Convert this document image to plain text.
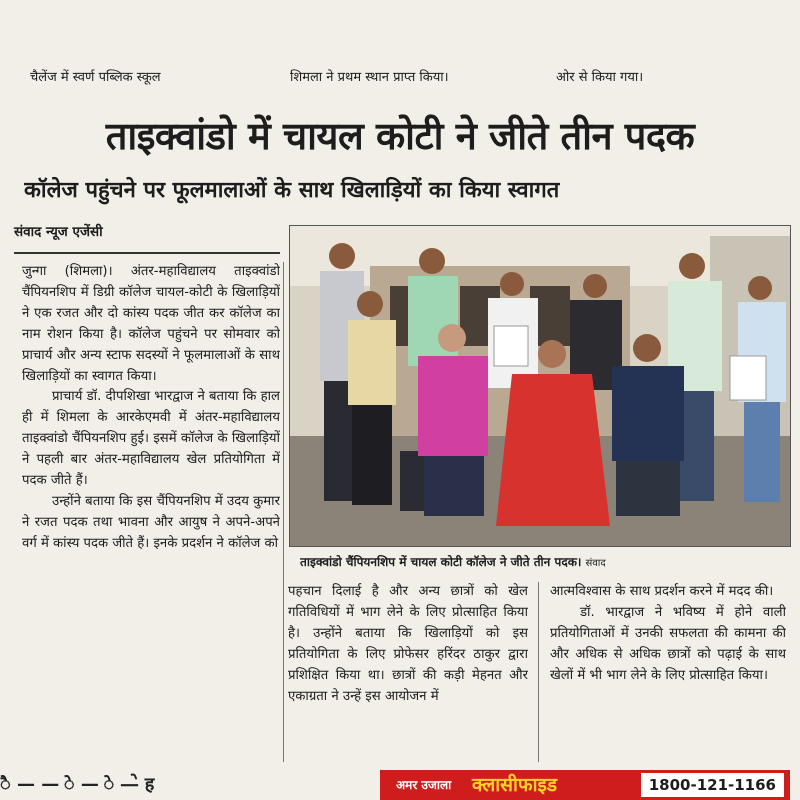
चैलेंज में स्वर्ण पब्लिक स्कूल	शिमला ने प्रथम स्थान प्राप्त किया।	ओर से किया गया।
ताइक्वांडो में चायल कोटी ने जीते तीन पदक
कॉलेज पहुंचने पर फूलमालाओं के साथ खिलाड़ियों का किया स्वागत
संवाद न्यूज एजेंसी

जुन्गा (शिमला)। अंतर-महाविद्यालय ताइक्वांडो चैंपियनशिप में डिग्री कॉलेज चायल-कोटी के खिलाड़ियों ने एक रजत और दो कांस्य पदक जीत कर कॉलेज का नाम रोशन किया है। कॉलेज पहुंचने पर सोमवार को प्राचार्य और अन्य स्टाफ सदस्यों ने फूलमालाओं के साथ खिलाड़ियों का स्वागत किया।

प्राचार्य डॉ. दीपशिखा भारद्वाज ने बताया कि हाल ही में शिमला के आरकेएमवी में अंतर-महाविद्यालय ताइक्वांडो चैंपियनशिप हुई। इसमें कॉलेज के खिलाड़ियों ने पहली बार अंतर-महाविद्यालय खेल प्रतियोगिता में पदक जीते हैं।

उन्होंने बताया कि इस चैंपियनशिप में उदय कुमार ने रजत पदक तथा भावना और आयुष ने अपने-अपने वर्ग में कांस्य पदक जीते हैं। इनके प्रदर्शन ने कॉलेज को

ताइक्वांडो चैंपियनशिप में चायल कोटी कॉलेज ने जीते तीन पदक। संवाद

पहचान दिलाई है और अन्य छात्रों को खेल गतिविधियों में भाग लेने के लिए प्रोत्साहित किया है। उन्होंने बताया कि खिलाड़ियों को इस प्रतियोगिता के लिए प्रोफेसर हरिंदर ठाकुर द्वारा प्रशिक्षित किया था। छात्रों की कड़ी मेहनत और एकाग्रता ने उन्हें इस आयोजन में

आत्मविश्वास के साथ प्रदर्शन करने में मदद की।

डॉ. भारद्वाज ने भविष्य में होने वाली प्रतियोगिताओं में उनकी सफलता की कामना की और अधिक से अधिक छात्रों को पढ़ाई के साथ खेलों में भी भाग लेने के लिए प्रोत्साहित किया।

ै — — े — े —े ह	अमर उजाला क्लासीफाइड	1800-121-1166
